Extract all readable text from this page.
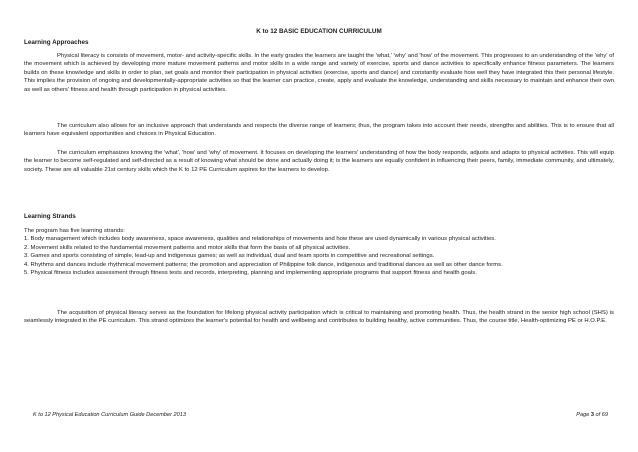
K to 12 BASIC EDUCATION CURRICULUM
Learning Approaches

Physical literacy is consists of movement, motor- and activity-specific skills. In the early grades the learners are taught the 'what,' 'why' and 'how' of the movement. This progresses to an understanding of the 'why' of the movement which is achieved by developing more mature movement patterns and motor skills in a wide range and variety of exercise, sports and dance activities to specifically enhance fitness parameters. The learners builds on these knowledge and skills in order to plan, set goals and monitor their participation in physical activities (exercise, sports and dance) and constantly evaluate how well they have integrated this their personal lifestyle. This implies the provision of ongoing and developmentally-appropriate activities so that the learner can practice, create, apply and evaluate the knowledge, understanding and skills necessary to maintain and enhance their own as well as others' fitness and health through participation in physical activities.

The curriculum also allows for an inclusive approach that understands and respects the diverse range of learners; thus, the program takes into account their needs, strengths and abilities. This is to ensure that all learners have equivalent opportunities and choices in Physical Education.

The curriculum emphasizes knowing the 'what', 'how' and 'why' of movement. It focuses on developing the learners' understanding of how the body responds, adjusts and adapts to physical activities. This will equip the learner to become self-regulated and self-directed as a result of knowing what should be done and actually doing it; is the learners are equally confident in influencing their peers, family, immediate community, and ultimately, society. These are all valuable 21st century skills which the K to 12 PE Curriculum aspires for the learners to develop.

Learning Strands
The program has five learning strands:
1. Body management which includes body awareness, space awareness, qualities and relationships of movements and how these are used dynamically in various physical activities.
2. Movement skills related to the fundamental movement patterns and motor skills that form the basis of all physical activities.
3. Games and sports consisting of simple, lead-up and indigenous games; as well as individual, dual and team sports in competitive and recreational settings.
4. Rhythms and dances include rhythmical movement patterns; the promotion and appreciation of Philippine folk dance, indigenous and traditional dances as well as other dance forms.
5. Physical fitness includes assessment through fitness tests and records, interpreting, planning and implementing appropriate programs that support fitness and health goals.

The acquisition of physical literacy serves as the foundation for lifelong physical activity participation which is critical to maintaining and promoting health. Thus, the health strand in the senior high school (SHS) is seamlessly integrated in the PE curriculum. This strand optimizes the learner's potential for health and wellbeing and contributes to building healthy, active communities. Thus, the course title, Health-optimizing PE or H.O.P.E.

K to 12 Physical Education Curriculum Guide December 2013	Page 3 of 69
